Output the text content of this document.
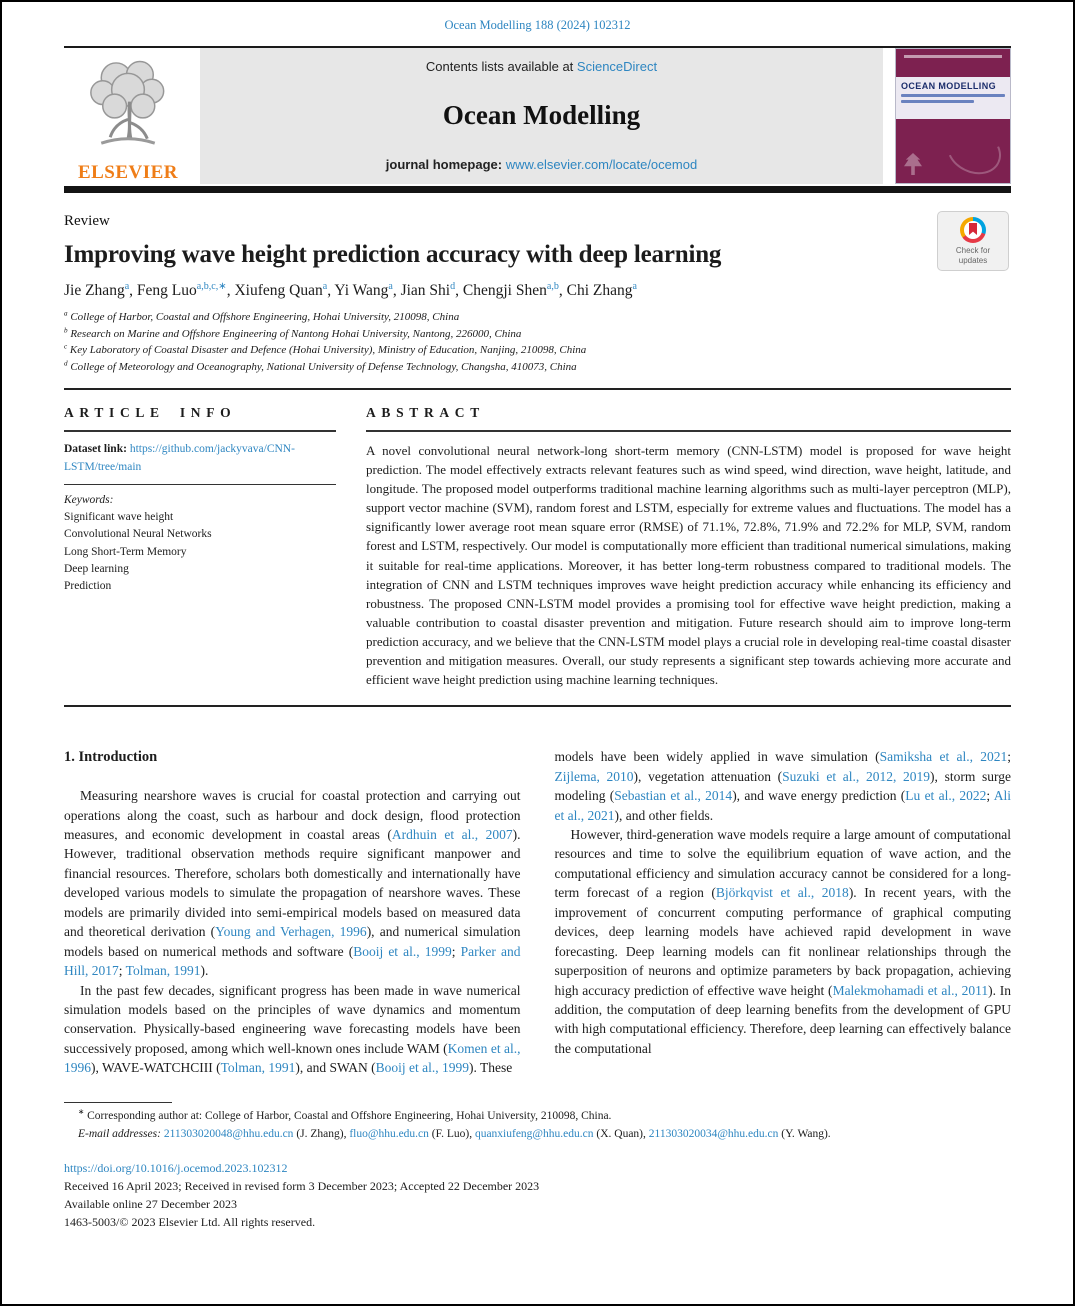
Ocean Modelling 188 (2024) 102312
ELSEVIER
Contents lists available at ScienceDirect
Ocean Modelling
journal homepage: www.elsevier.com/locate/ocemod
OCEAN MODELLING
Review
Check for updates
Improving wave height prediction accuracy with deep learning
Jie Zhang$^a$, Feng Luo$^{a,b,c,∗}$, Xiufeng Quan$^a$, Yi Wang$^a$, Jian Shi$^d$, Chengji Shen$^{a,b}$, Chi Zhang$^a$
$^a$ College of Harbor, Coastal and Offshore Engineering, Hohai University, 210098, China
$^b$ Research on Marine and Offshore Engineering of Nantong Hohai University, Nantong, 226000, China
$^c$ Key Laboratory of Coastal Disaster and Defence (Hohai University), Ministry of Education, Nanjing, 210098, China
$^d$ College of Meteorology and Oceanography, National University of Defense Technology, Changsha, 410073, China
ARTICLE INFO
Dataset link: https://github.com/jackyvava/CNN-LSTM/tree/main
Keywords:
Significant wave height
Convolutional Neural Networks
Long Short-Term Memory
Deep learning
Prediction
ABSTRACT

A novel convolutional neural network-long short-term memory (CNN-LSTM) model is proposed for wave height prediction. The model effectively extracts relevant features such as wind speed, wind direction, wave height, latitude, and longitude. The proposed model outperforms traditional machine learning algorithms such as multi-layer perceptron (MLP), support vector machine (SVM), random forest and LSTM, especially for extreme values and fluctuations. The model has a significantly lower average root mean square error (RMSE) of 71.1%, 72.8%, 71.9% and 72.2% for MLP, SVM, random forest and LSTM, respectively. Our model is computationally more efficient than traditional numerical simulations, making it suitable for real-time applications. Moreover, it has better long-term robustness compared to traditional models. The integration of CNN and LSTM techniques improves wave height prediction accuracy while enhancing its efficiency and robustness. The proposed CNN-LSTM model provides a promising tool for effective wave height prediction, making a valuable contribution to coastal disaster prevention and mitigation. Future research should aim to improve long-term prediction accuracy, and we believe that the CNN-LSTM model plays a crucial role in developing real-time coastal disaster prevention and mitigation measures. Overall, our study represents a significant step towards achieving more accurate and efficient wave height prediction using machine learning techniques.

1. Introduction

Measuring nearshore waves is crucial for coastal protection and carrying out operations along the coast, such as harbour and dock design, flood protection measures, and economic development in coastal areas (Ardhuin et al., 2007). However, traditional observation methods require significant manpower and financial resources. Therefore, scholars both domestically and internationally have developed various models to simulate the propagation of nearshore waves. These models are primarily divided into semi-empirical models based on measured data and theoretical derivation (Young and Verhagen, 1996), and numerical simulation models based on numerical methods and software (Booij et al., 1999; Parker and Hill, 2017; Tolman, 1991).

In the past few decades, significant progress has been made in wave numerical simulation models based on the principles of wave dynamics and momentum conservation. Physically-based engineering wave forecasting models have been successively proposed, among which well-known ones include WAM (Komen et al., 1996), WAVE-WATCHCIII (Tolman, 1991), and SWAN (Booij et al., 1999). These

models have been widely applied in wave simulation (Samiksha et al., 2021; Zijlema, 2010), vegetation attenuation (Suzuki et al., 2012, 2019), storm surge modeling (Sebastian et al., 2014), and wave energy prediction (Lu et al., 2022; Ali et al., 2021), and other fields.

However, third-generation wave models require a large amount of computational resources and time to solve the equilibrium equation of wave action, and the computational efficiency and simulation accuracy cannot be considered for a long-term forecast of a region (Björkqvist et al., 2018). In recent years, with the improvement of concurrent computing performance of graphical computing devices, deep learning models have achieved rapid development in wave forecasting. Deep learning models can fit nonlinear relationships through the superposition of neurons and optimize parameters by back propagation, achieving high accuracy prediction of effective wave height (Malekmohamadi et al., 2011). In addition, the computation of deep learning benefits from the development of GPU with high computational efficiency. Therefore, deep learning can effectively balance the computational

∗ Corresponding author at: College of Harbor, Coastal and Offshore Engineering, Hohai University, 210098, China.
E-mail addresses: 211303020048@hhu.edu.cn (J. Zhang), fluo@hhu.edu.cn (F. Luo), quanxiufeng@hhu.edu.cn (X. Quan), 211303020034@hhu.edu.cn (Y. Wang).
https://doi.org/10.1016/j.ocemod.2023.102312
Received 16 April 2023; Received in revised form 3 December 2023; Accepted 22 December 2023
Available online 27 December 2023
1463-5003/© 2023 Elsevier Ltd. All rights reserved.
